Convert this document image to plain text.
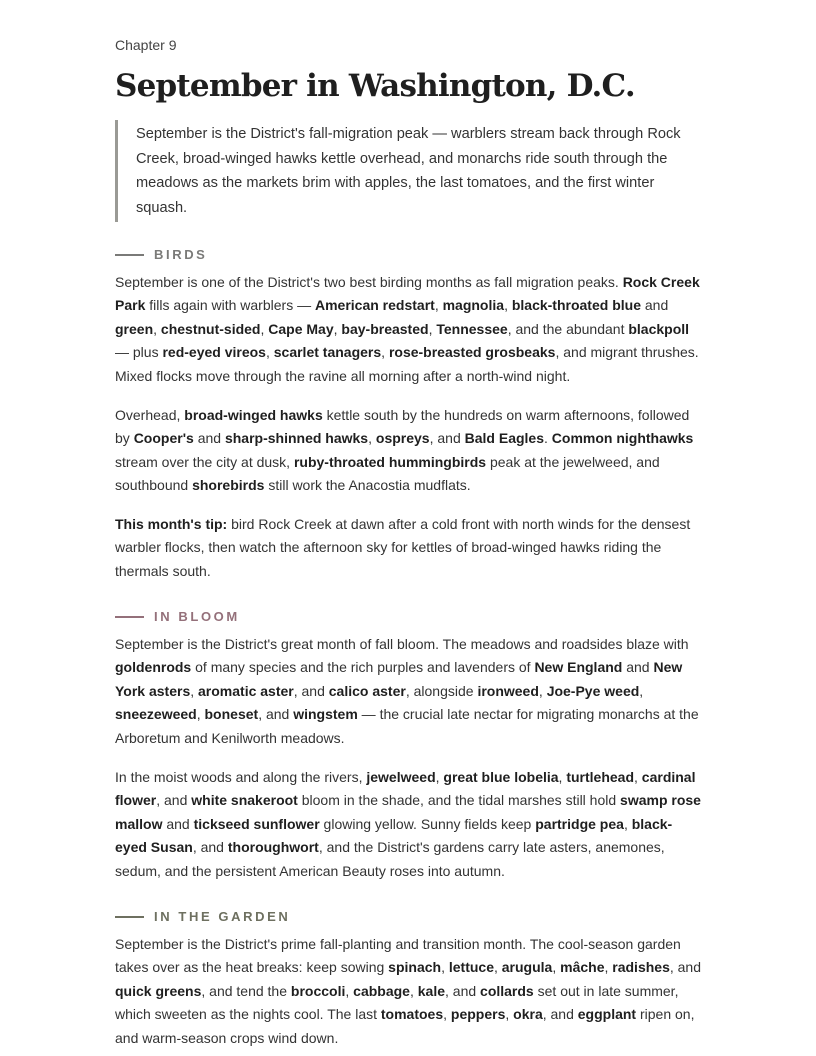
Chapter 9
September in Washington, D.C.
September is the District's fall-migration peak — warblers stream back through Rock Creek, broad-winged hawks kettle overhead, and monarchs ride south through the meadows as the markets brim with apples, the last tomatoes, and the first winter squash.
BIRDS

September is one of the District's two best birding months as fall migration peaks. Rock Creek Park fills again with warblers — American redstart, magnolia, black-throated blue and green, chestnut-sided, Cape May, bay-breasted, Tennessee, and the abundant blackpoll — plus red-eyed vireos, scarlet tanagers, rose-breasted grosbeaks, and migrant thrushes. Mixed flocks move through the ravine all morning after a north-wind night.

Overhead, broad-winged hawks kettle south by the hundreds on warm afternoons, followed by Cooper's and sharp-shinned hawks, ospreys, and Bald Eagles. Common nighthawks stream over the city at dusk, ruby-throated hummingbirds peak at the jewelweed, and southbound shorebirds still work the Anacostia mudflats.

This month's tip: bird Rock Creek at dawn after a cold front with north winds for the densest warbler flocks, then watch the afternoon sky for kettles of broad-winged hawks riding the thermals south.

IN BLOOM

September is the District's great month of fall bloom. The meadows and roadsides blaze with goldenrods of many species and the rich purples and lavenders of New England and New York asters, aromatic aster, and calico aster, alongside ironweed, Joe-Pye weed, sneezeweed, boneset, and wingstem — the crucial late nectar for migrating monarchs at the Arboretum and Kenilworth meadows.

In the moist woods and along the rivers, jewelweed, great blue lobelia, turtlehead, cardinal flower, and white snakeroot bloom in the shade, and the tidal marshes still hold swamp rose mallow and tickseed sunflower glowing yellow. Sunny fields keep partridge pea, black-eyed Susan, and thoroughwort, and the District's gardens carry late asters, anemones, sedum, and the persistent American Beauty roses into autumn.

IN THE GARDEN

September is the District's prime fall-planting and transition month. The cool-season garden takes over as the heat breaks: keep sowing spinach, lettuce, arugula, mâche, radishes, and quick greens, and tend the broccoli, cabbage, kale, and collards set out in late summer, which sweeten as the nights cool. The last tomatoes, peppers, okra, and eggplant ripen on, and warm-season crops wind down.
